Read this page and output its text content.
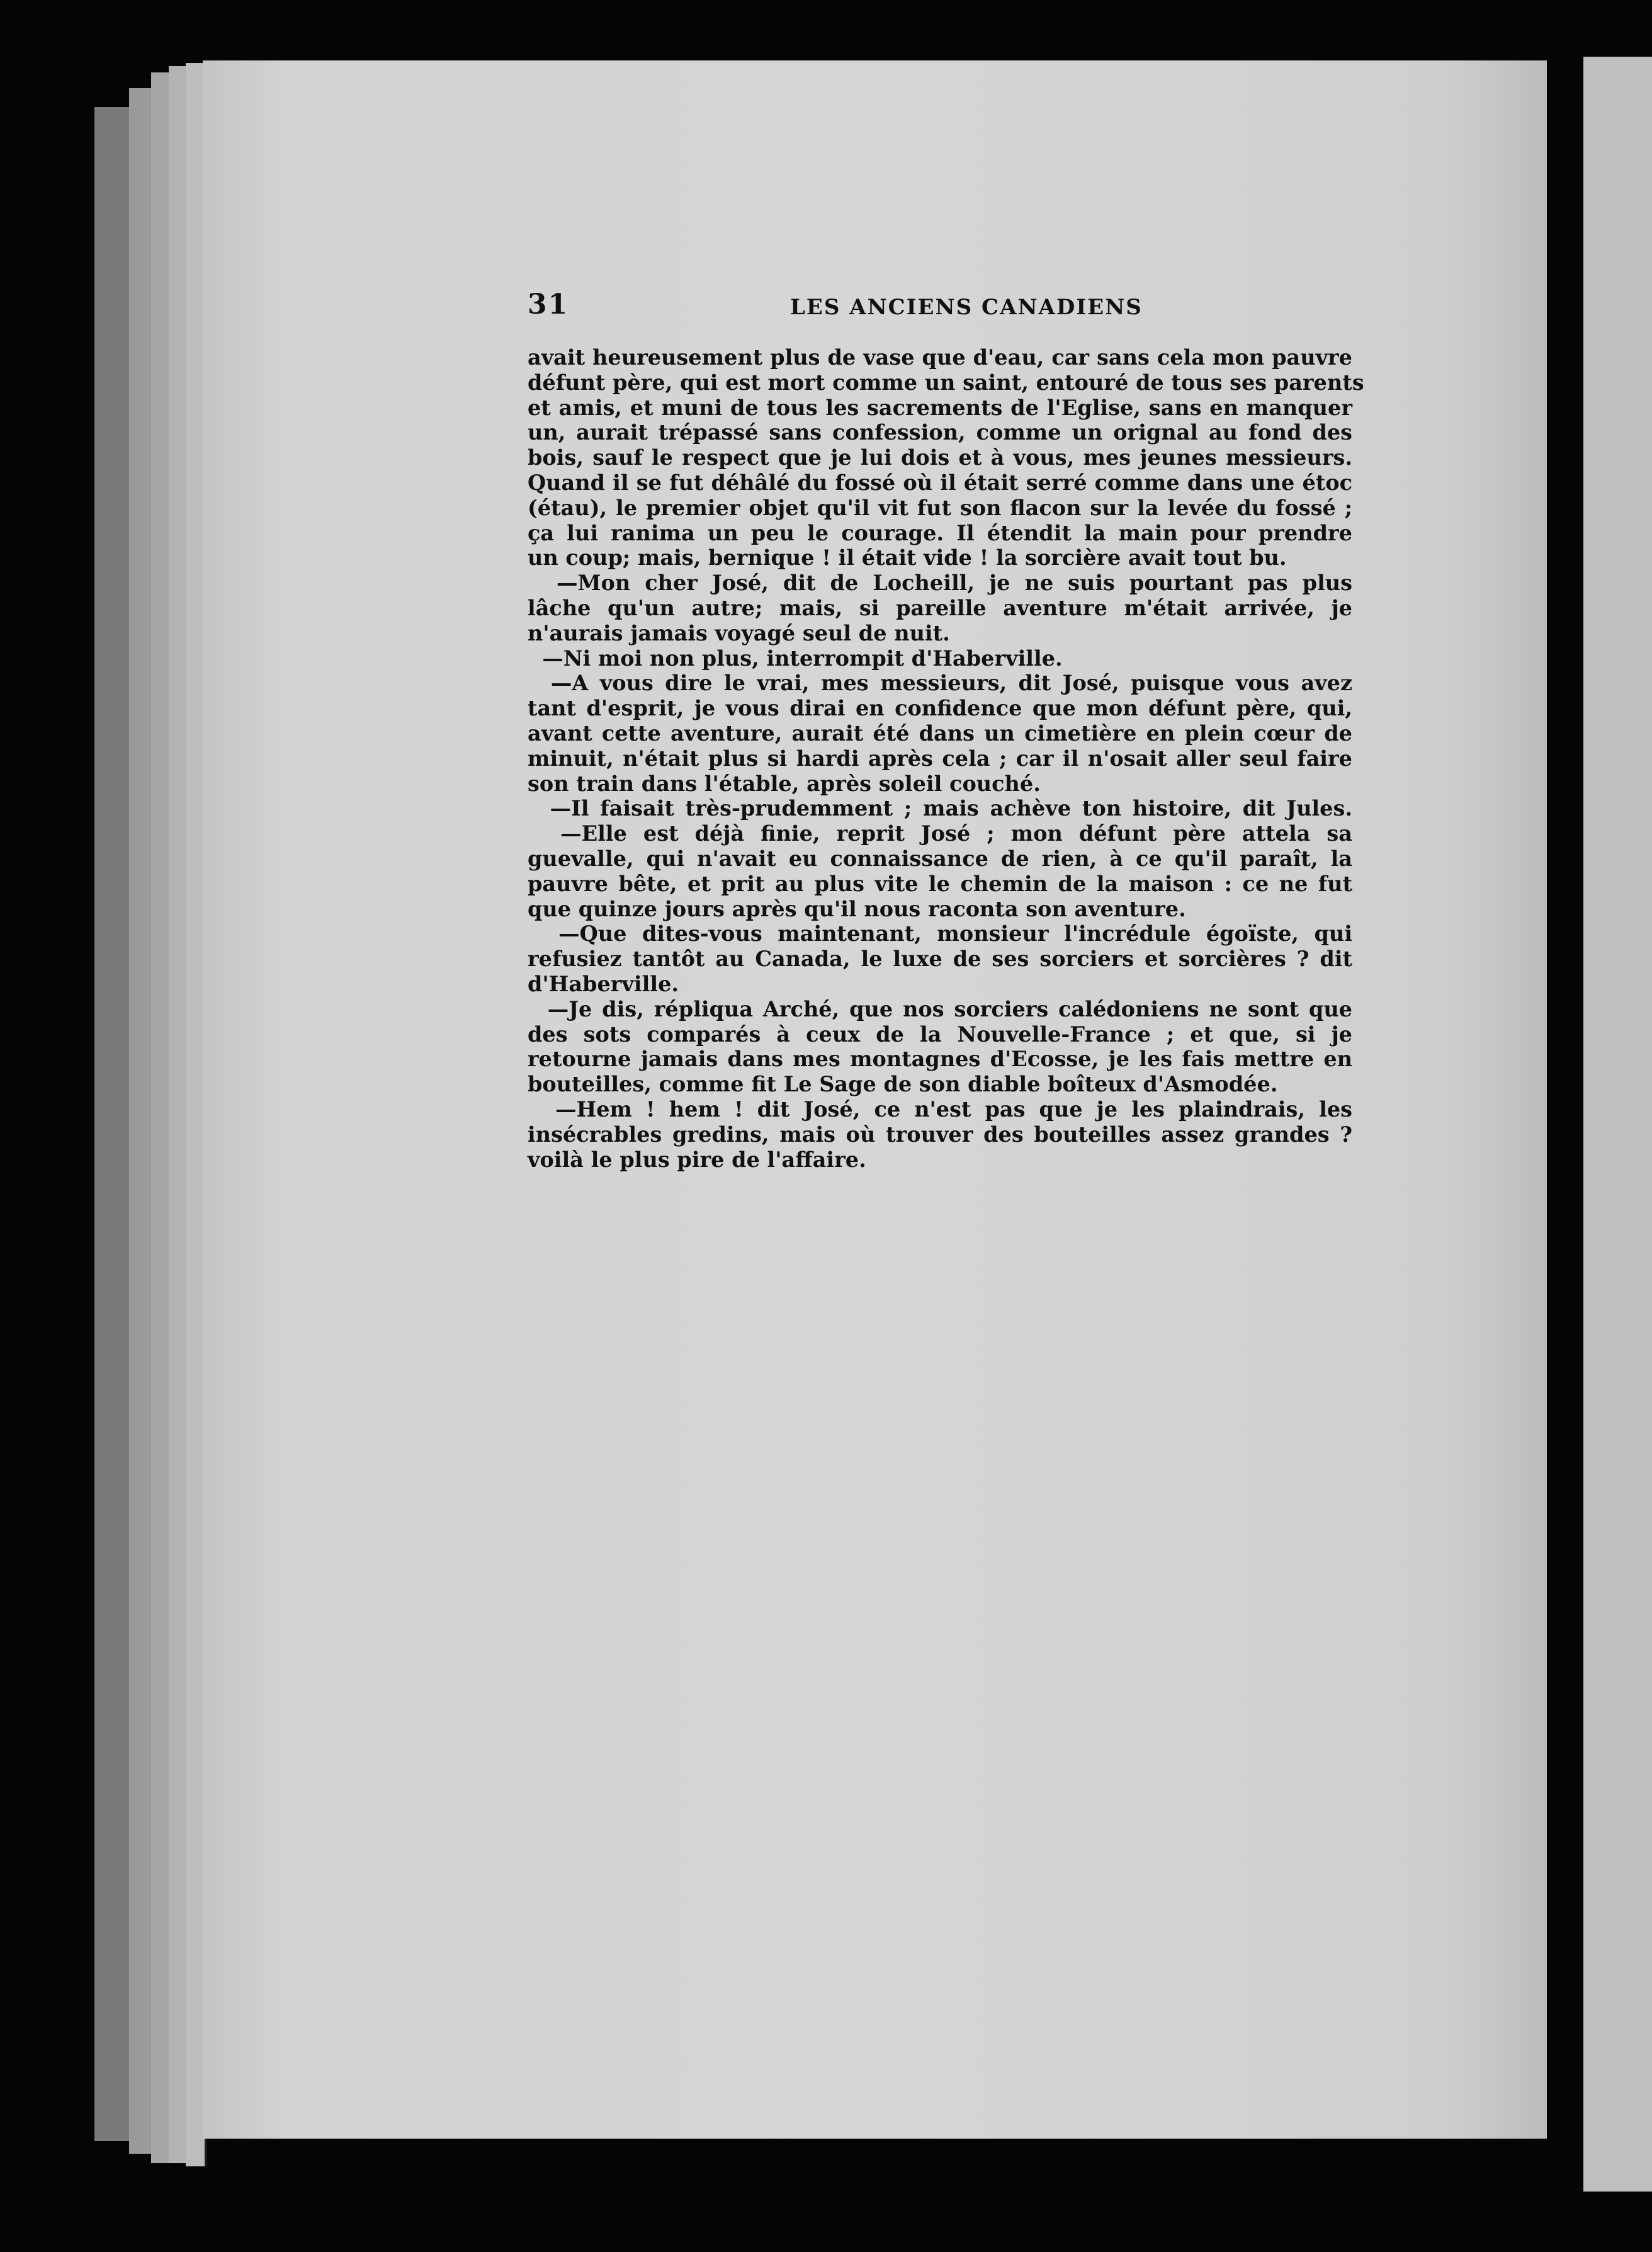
31	LES ANCIENS CANADIENS
avait heureusement plus de vase que d'eau, car sans cela mon pauvre
défunt père, qui est mort comme un saint, entouré de tous ses parents
et amis, et muni de tous les sacrements de l'Eglise, sans en manquer
un, aurait trépassé sans confession, comme un orignal au fond des
bois, sauf le respect que je lui dois et à vous, mes jeunes messieurs.
Quand il se fut déhâlé du fossé où il était serré comme dans une étoc
(étau), le premier objet qu'il vit fut son flacon sur la levée du fossé ;
ça lui ranima un peu le courage. Il étendit la main pour prendre
un coup; mais, bernique ! il était vide ! la sorcière avait tout bu.
—Mon cher José, dit de Locheill, je ne suis pourtant pas plus
lâche qu'un autre; mais, si pareille aventure m'était arrivée, je
n'aurais jamais voyagé seul de nuit.
—Ni moi non plus, interrompit d'Haberville.
—A vous dire le vrai, mes messieurs, dit José, puisque vous avez
tant d'esprit, je vous dirai en confidence que mon défunt père, qui,
avant cette aventure, aurait été dans un cimetière en plein cœur de
minuit, n'était plus si hardi après cela ; car il n'osait aller seul faire
son train dans l'étable, après soleil couché.
—Il faisait très-prudemment ; mais achève ton histoire, dit Jules.
—Elle est déjà finie, reprit José ; mon défunt père attela sa
guevalle, qui n'avait eu connaissance de rien, à ce qu'il paraît, la
pauvre bête, et prit au plus vite le chemin de la maison : ce ne fut
que quinze jours après qu'il nous raconta son aventure.
—Que dites-vous maintenant, monsieur l'incrédule égoïste, qui
refusiez tantôt au Canada, le luxe de ses sorciers et sorcières ? dit
d'Haberville.
—Je dis, répliqua Arché, que nos sorciers calédoniens ne sont que
des sots comparés à ceux de la Nouvelle-France ; et que, si je
retourne jamais dans mes montagnes d'Ecosse, je les fais mettre en
bouteilles, comme fit Le Sage de son diable boîteux d'Asmodée.
—Hem ! hem ! dit José, ce n'est pas que je les plaindrais, les
insécrables gredins, mais où trouver des bouteilles assez grandes ?
voilà le plus pire de l'affaire.
